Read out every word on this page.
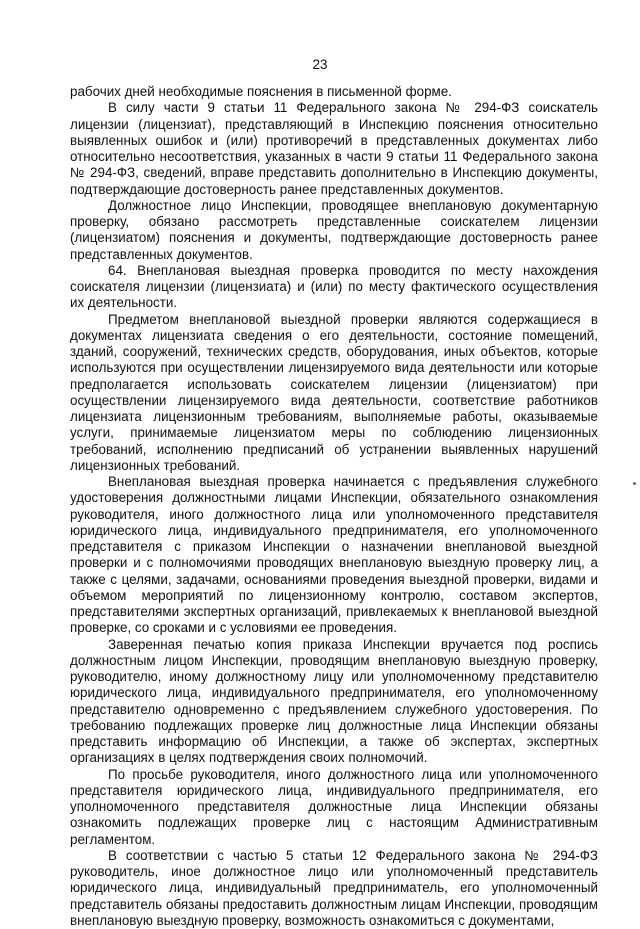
23

рабочих дней необходимые пояснения в письменной форме.

В силу части 9 статьи 11 Федерального закона № 294-ФЗ соискатель лицензии (лицензиат), представляющий в Инспекцию пояснения относительно выявленных ошибок и (или) противоречий в представленных документах либо относительно несоответствия, указанных в части 9 статьи 11 Федерального закона № 294-ФЗ, сведений, вправе представить дополнительно в Инспекцию документы, подтверждающие достоверность ранее представленных документов.

Должностное лицо Инспекции, проводящее внеплановую документарную проверку, обязано рассмотреть представленные соискателем лицензии (лицензиатом) пояснения и документы, подтверждающие достоверность ранее представленных документов.

64. Внеплановая выездная проверка проводится по месту нахождения соискателя лицензии (лицензиата) и (или) по месту фактического осуществления их деятельности.

Предметом внеплановой выездной проверки являются содержащиеся в документах лицензиата сведения о его деятельности, состояние помещений, зданий, сооружений, технических средств, оборудования, иных объектов, которые используются при осуществлении лицензируемого вида деятельности или которые предполагается использовать соискателем лицензии (лицензиатом) при осуществлении лицензируемого вида деятельности, соответствие работников лицензиата лицензионным требованиям, выполняемые работы, оказываемые услуги, принимаемые лицензиатом меры по соблюдению лицензионных требований, исполнению предписаний об устранении выявленных нарушений лицензионных требований.

Внеплановая выездная проверка начинается с предъявления служебного удостоверения должностными лицами Инспекции, обязательного ознакомления руководителя, иного должностного лица или уполномоченного представителя юридического лица, индивидуального предпринимателя, его уполномоченного представителя с приказом Инспекции о назначении внеплановой выездной проверки и с полномочиями проводящих внеплановую выездную проверку лиц, а также с целями, задачами, основаниями проведения выездной проверки, видами и объемом мероприятий по лицензионному контролю, составом экспертов, представителями экспертных организаций, привлекаемых к внеплановой выездной проверке, со сроками и с условиями ее проведения.

Заверенная печатью копия приказа Инспекции вручается под роспись должностным лицом Инспекции, проводящим внеплановую выездную проверку, руководителю, иному должностному лицу или уполномоченному представителю юридического лица, индивидуального предпринимателя, его уполномоченному представителю одновременно с предъявлением служебного удостоверения. По требованию подлежащих проверке лиц должностные лица Инспекции обязаны представить информацию об Инспекции, а также об экспертах, экспертных организациях в целях подтверждения своих полномочий.

По просьбе руководителя, иного должностного лица или уполномоченного представителя юридического лица, индивидуального предпринимателя, его уполномоченного представителя должностные лица Инспекции обязаны ознакомить подлежащих проверке лиц с настоящим Административным регламентом.

В соответствии с частью 5 статьи 12 Федерального закона № 294-ФЗ руководитель, иное должностное лицо или уполномоченный представитель юридического лица, индивидуальный предприниматель, его уполномоченный представитель обязаны предоставить должностным лицам Инспекции, проводящим внеплановую выездную проверку, возможность ознакомиться с документами,
